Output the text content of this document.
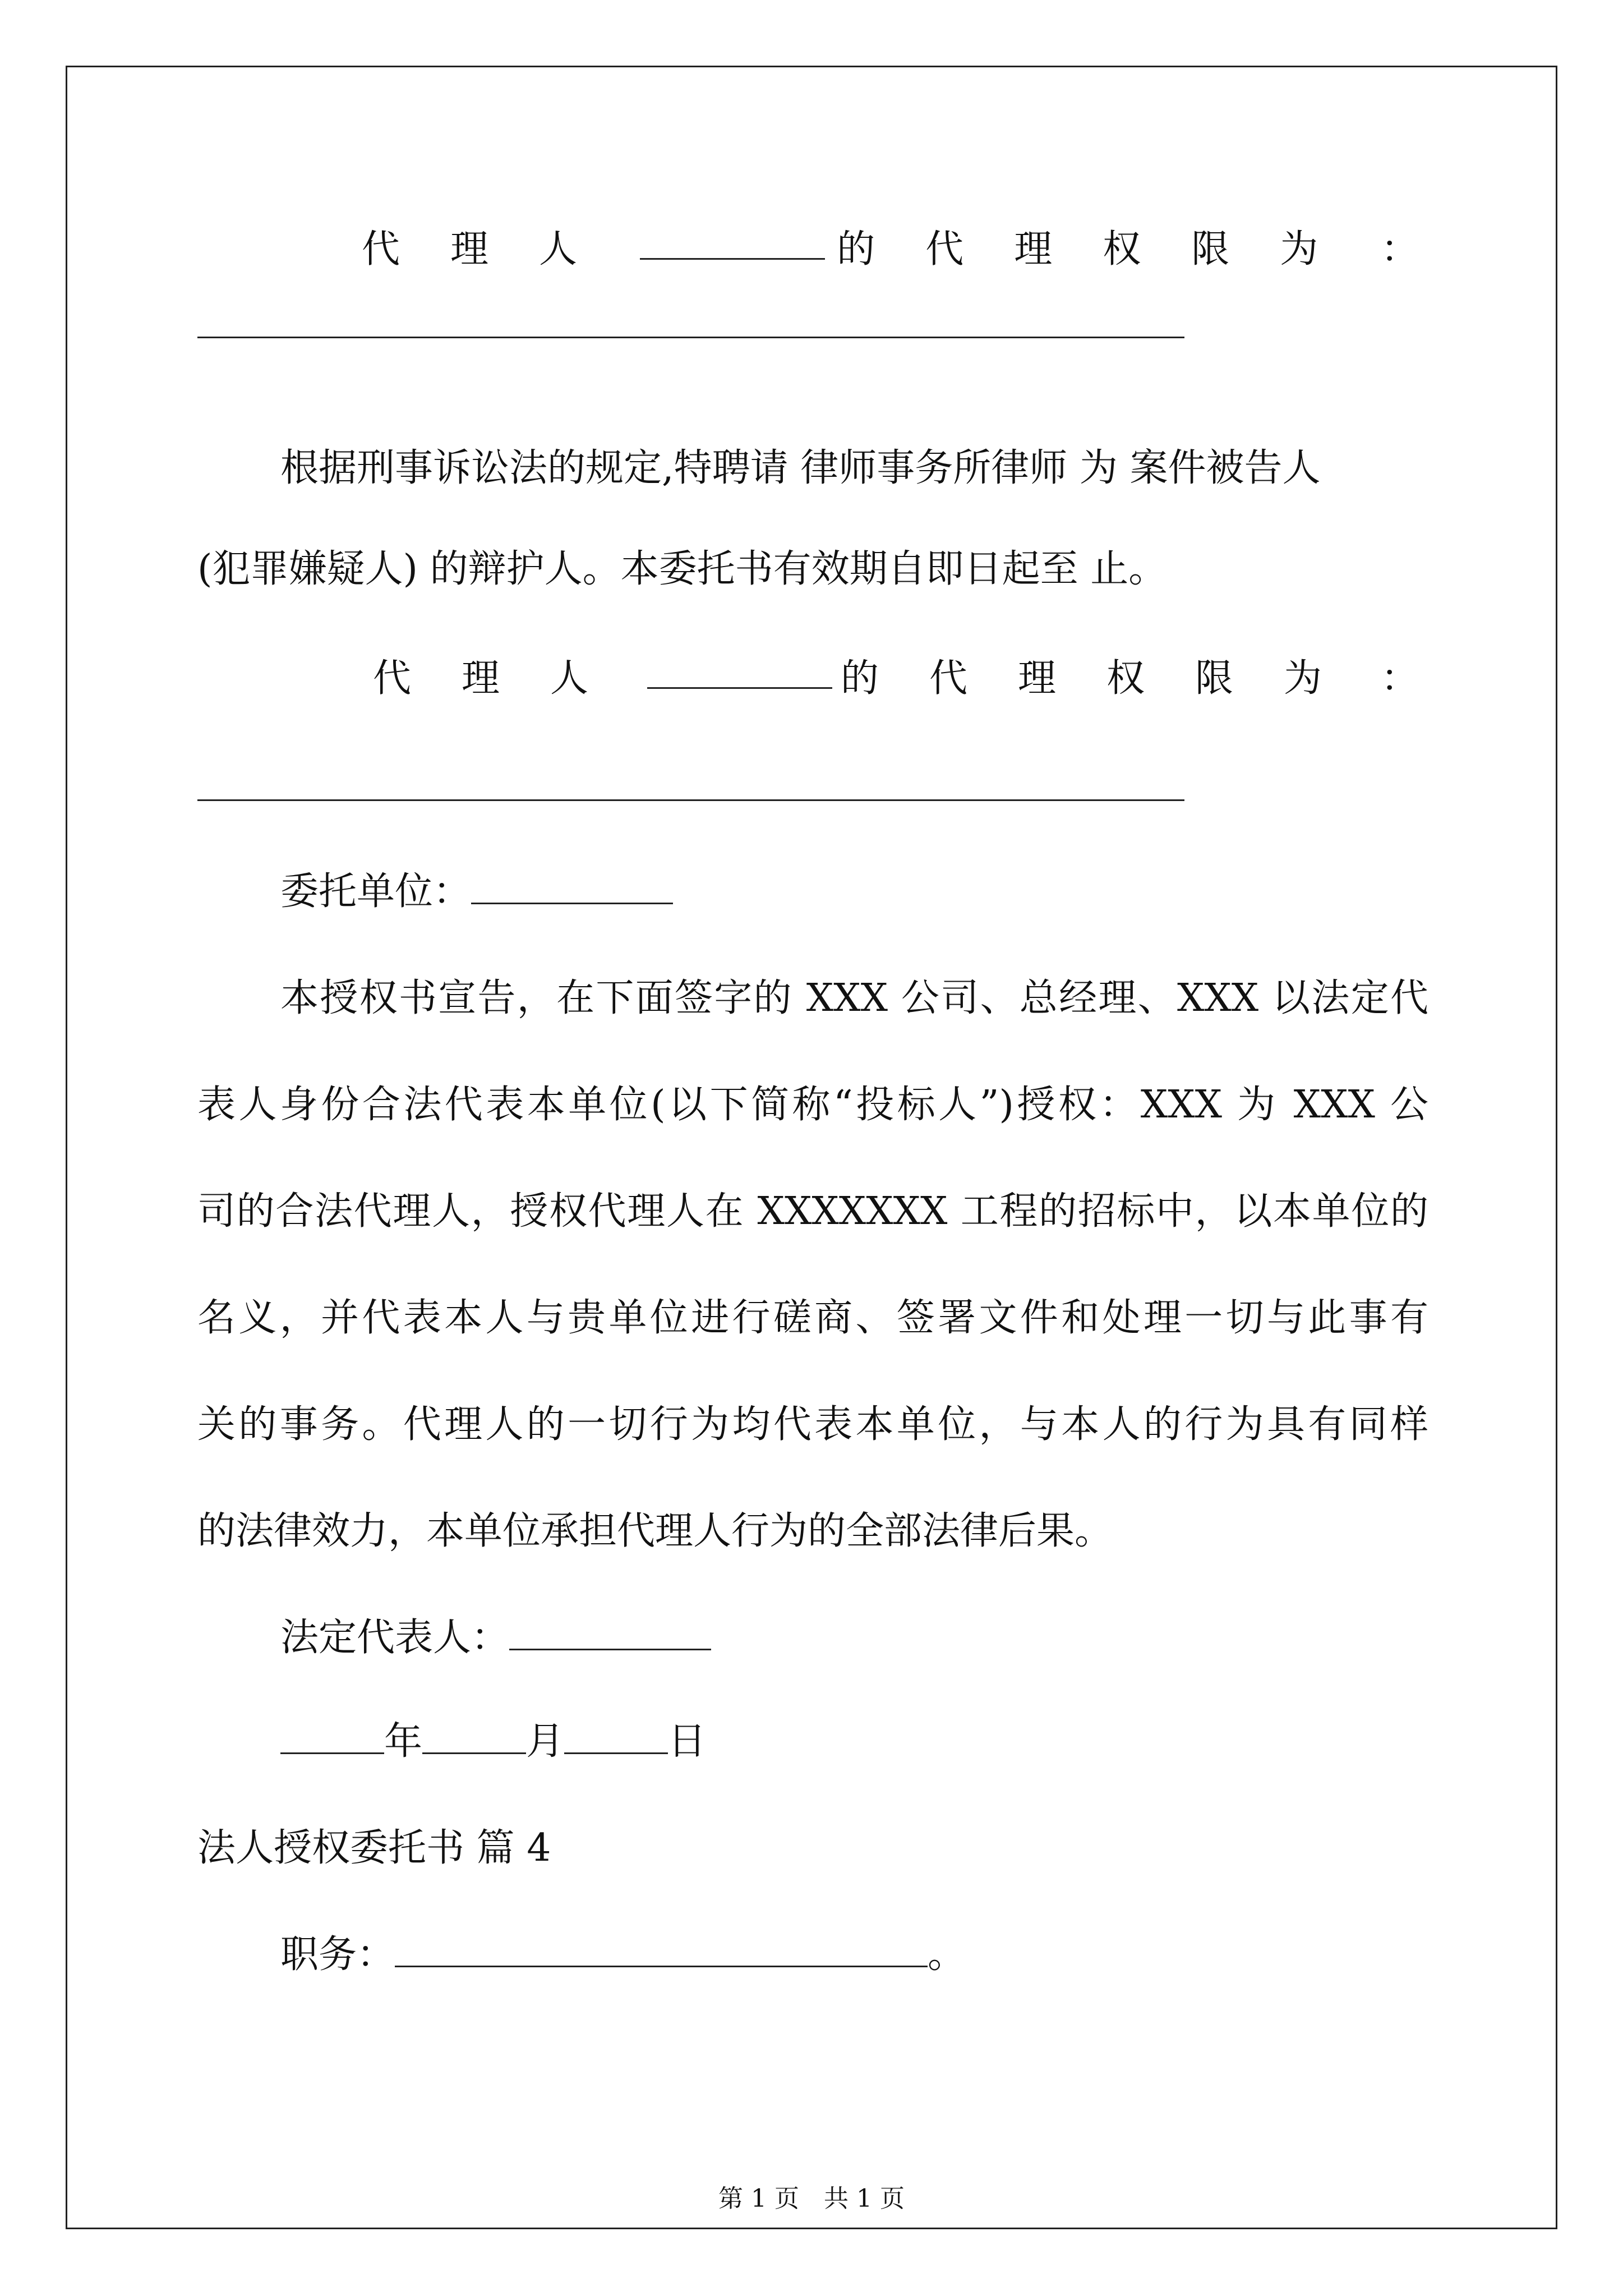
代理人	的代理权限为 ：
根据刑事诉讼法的规定,特聘请 律师事务所律师 为 案件被告人
(犯罪嫌疑人) 的辩护人。本委托书有效期自即日起至 止。
代理人	的代理权限为 ：
委托单位：
本授权书宣告，在下面签字的 XXX 公司、总经理、XXX 以法定代
表人身份合法代表本单位(以下简称“投标人”)授权：XXX 为 XXX 公
司的合法代理人，授权代理人在 XXXXXXX 工程的招标中，以本单位的
名义，并代表本人与贵单位进行磋商、签署文件和处理一切与此事有
关的事务。代理人的一切行为均代表本单位，与本人的行为具有同样
的法律效力，本单位承担代理人行为的全部法律后果。
法定代表人：
年	月	日
法人授权委托书 篇 4
职务：	。
第 1 页　共 1 页
